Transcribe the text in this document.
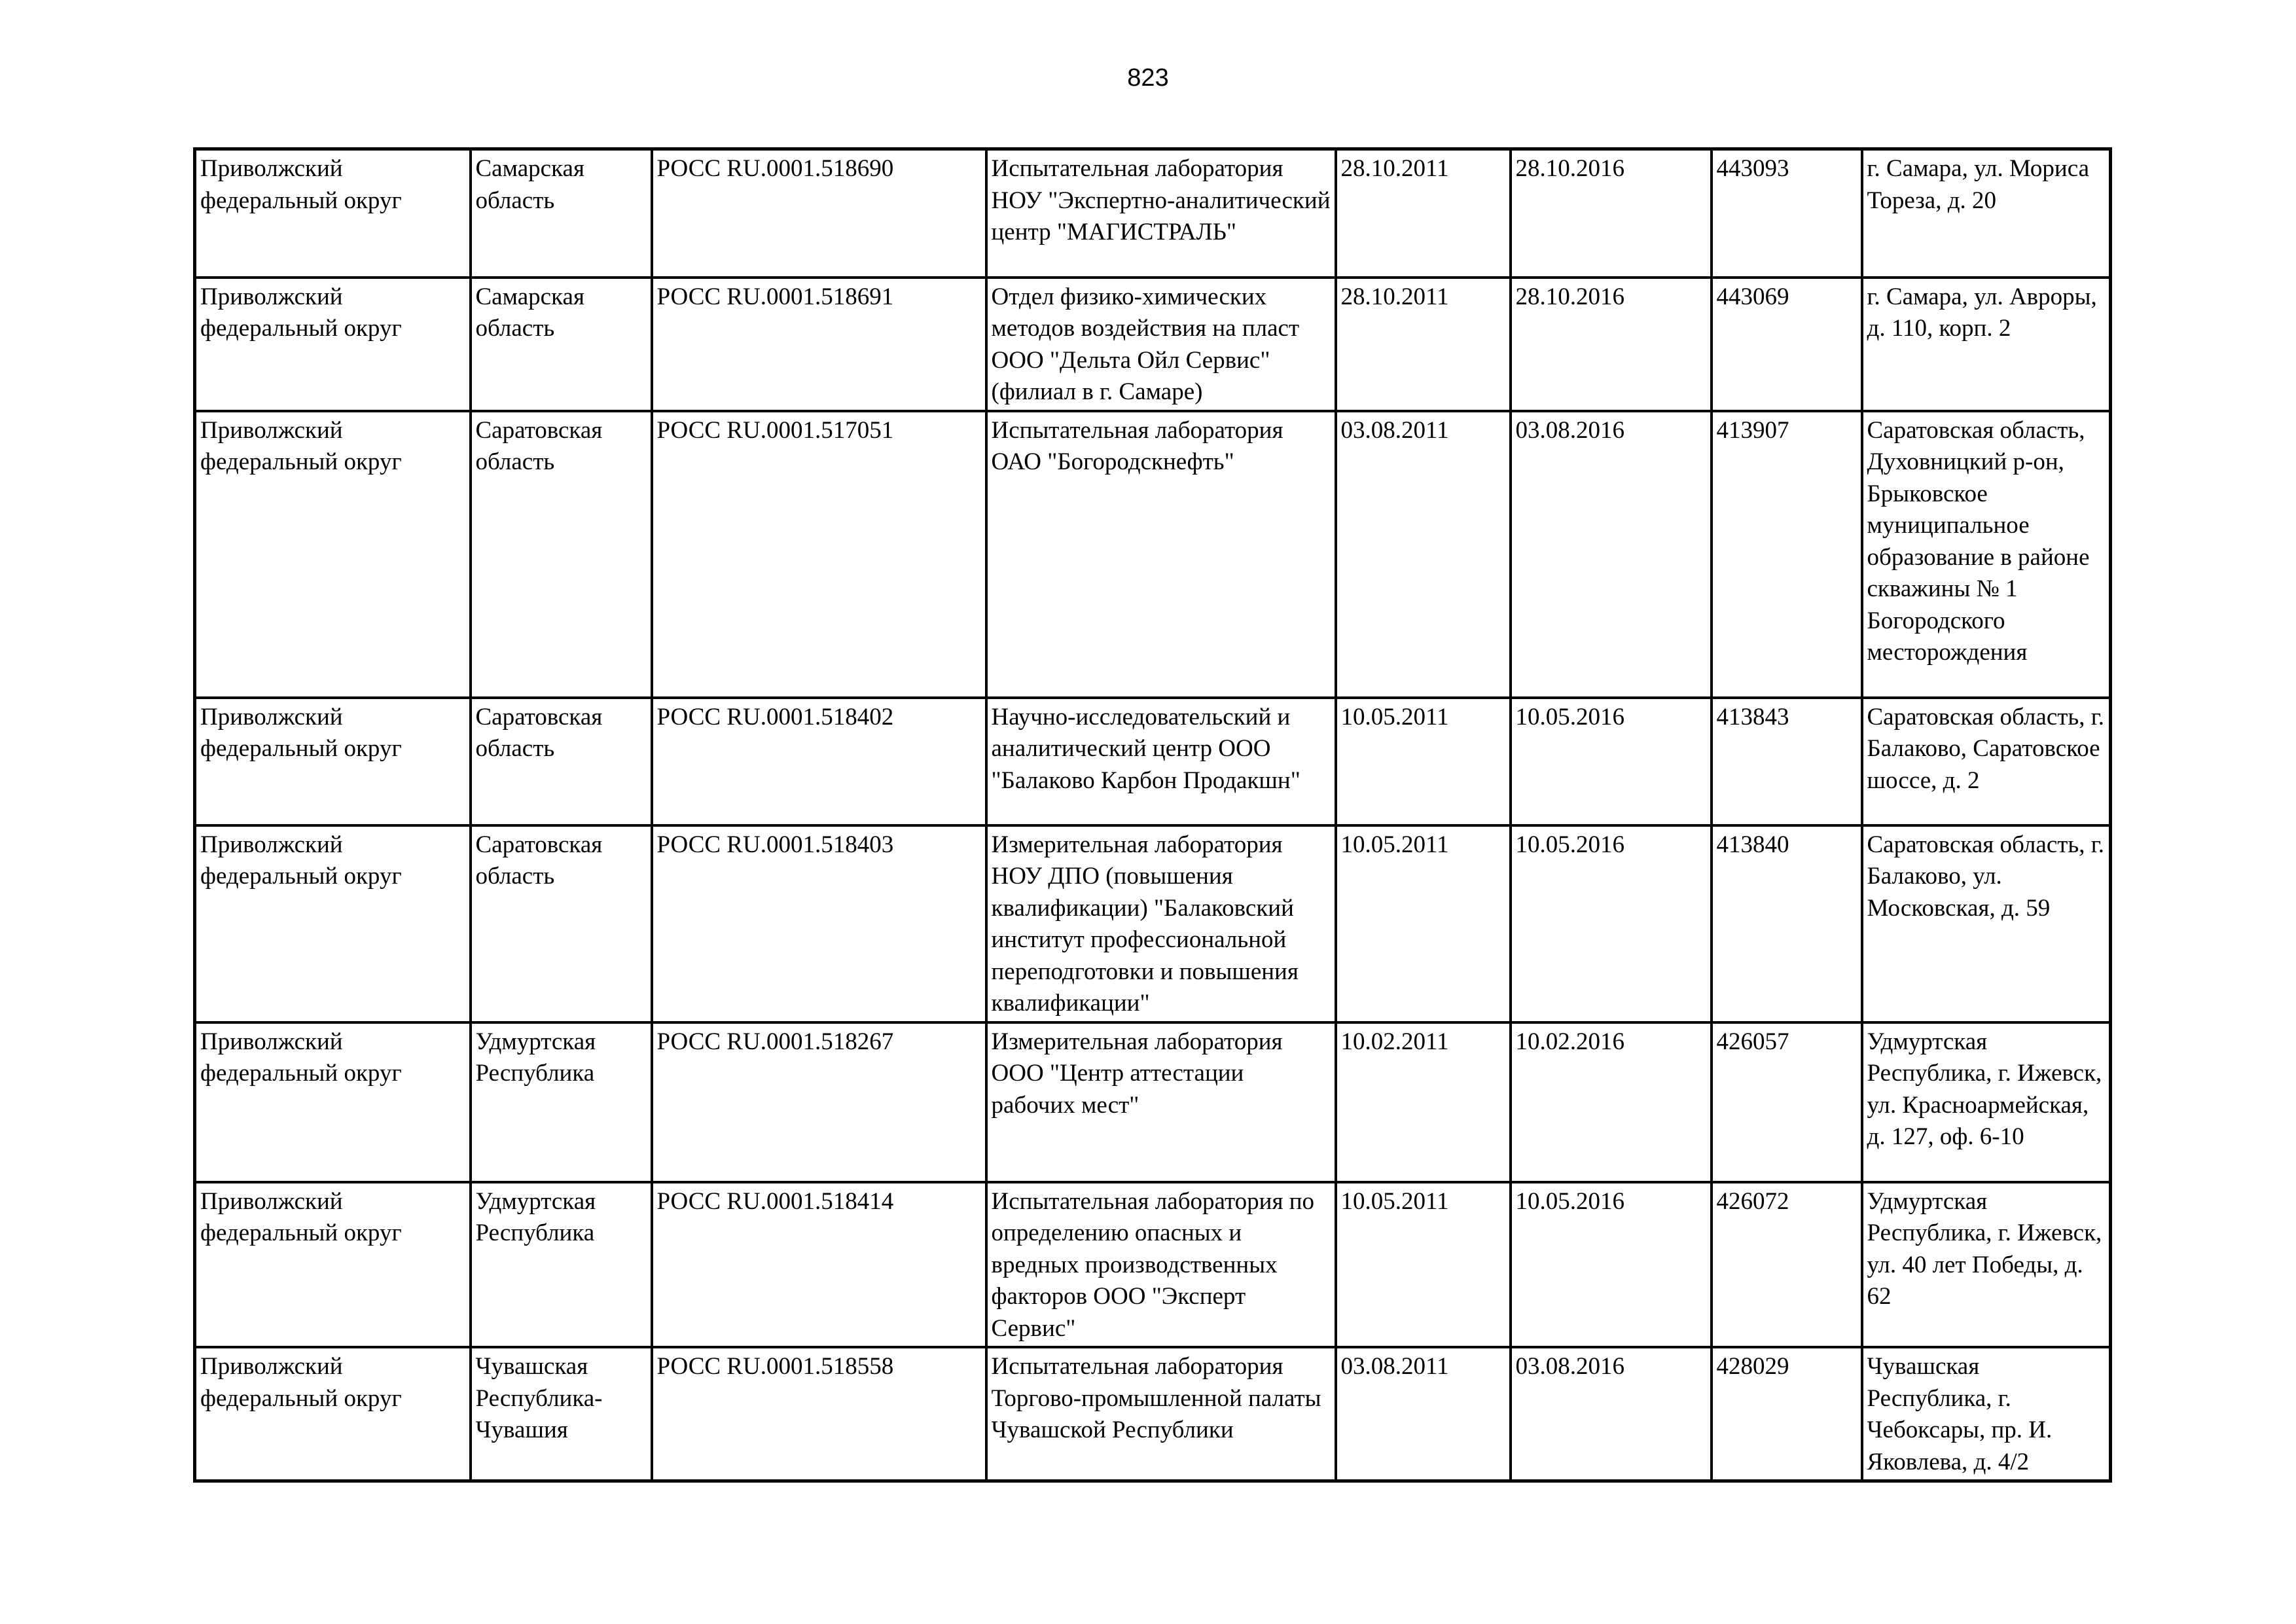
823
Приволжский федеральный округ	Самарская область	РОСС RU.0001.518690	Испытательная лаборатория НОУ "Экспертно-аналитический центр "МАГИСТРАЛЬ"	28.10.2011	28.10.2016	443093	г. Самара, ул. Мориса Тореза, д. 20
Приволжский федеральный округ	Самарская область	РОСС RU.0001.518691	Отдел физико-химических методов воздействия на пласт ООО "Дельта Ойл Сервис" (филиал в г. Самаре)	28.10.2011	28.10.2016	443069	г. Самара, ул. Авроры, д. 110, корп. 2
Приволжский федеральный округ	Саратовская область	РОСС RU.0001.517051	Испытательная лаборатория ОАО "Богородскнефть"	03.08.2011	03.08.2016	413907	Саратовская область, Духовницкий р-он, Брыковское муниципальное образование в районе скважины № 1 Богородского месторождения
Приволжский федеральный округ	Саратовская область	РОСС RU.0001.518402	Научно-исследовательский и аналитический центр ООО "Балаково Карбон Продакшн"	10.05.2011	10.05.2016	413843	Саратовская область, г. Балаково, Саратовское шоссе, д. 2
Приволжский федеральный округ	Саратовская область	РОСС RU.0001.518403	Измерительная лаборатория НОУ ДПО (повышения квалификации) "Балаковский институт профессиональной переподготовки и повышения квалификации"	10.05.2011	10.05.2016	413840	Саратовская область, г. Балаково, ул. Московская, д. 59
Приволжский федеральный округ	Удмуртская Республика	РОСС RU.0001.518267	Измерительная лаборатория ООО "Центр аттестации рабочих мест"	10.02.2011	10.02.2016	426057	Удмуртская Республика, г. Ижевск, ул. Красноармейская, д. 127, оф. 6-10
Приволжский федеральный округ	Удмуртская Республика	РОСС RU.0001.518414	Испытательная лаборатория по определению опасных и вредных производственных факторов ООО "Эксперт Сервис"	10.05.2011	10.05.2016	426072	Удмуртская Республика, г. Ижевск, ул. 40 лет Победы, д. 62
Приволжский федеральный округ	Чувашская Республика-Чувашия	РОСС RU.0001.518558	Испытательная лаборатория Торгово-промышленной палаты Чувашской Республики	03.08.2011	03.08.2016	428029	Чувашская Республика, г. Чебоксары, пр. И. Яковлева, д. 4/2
